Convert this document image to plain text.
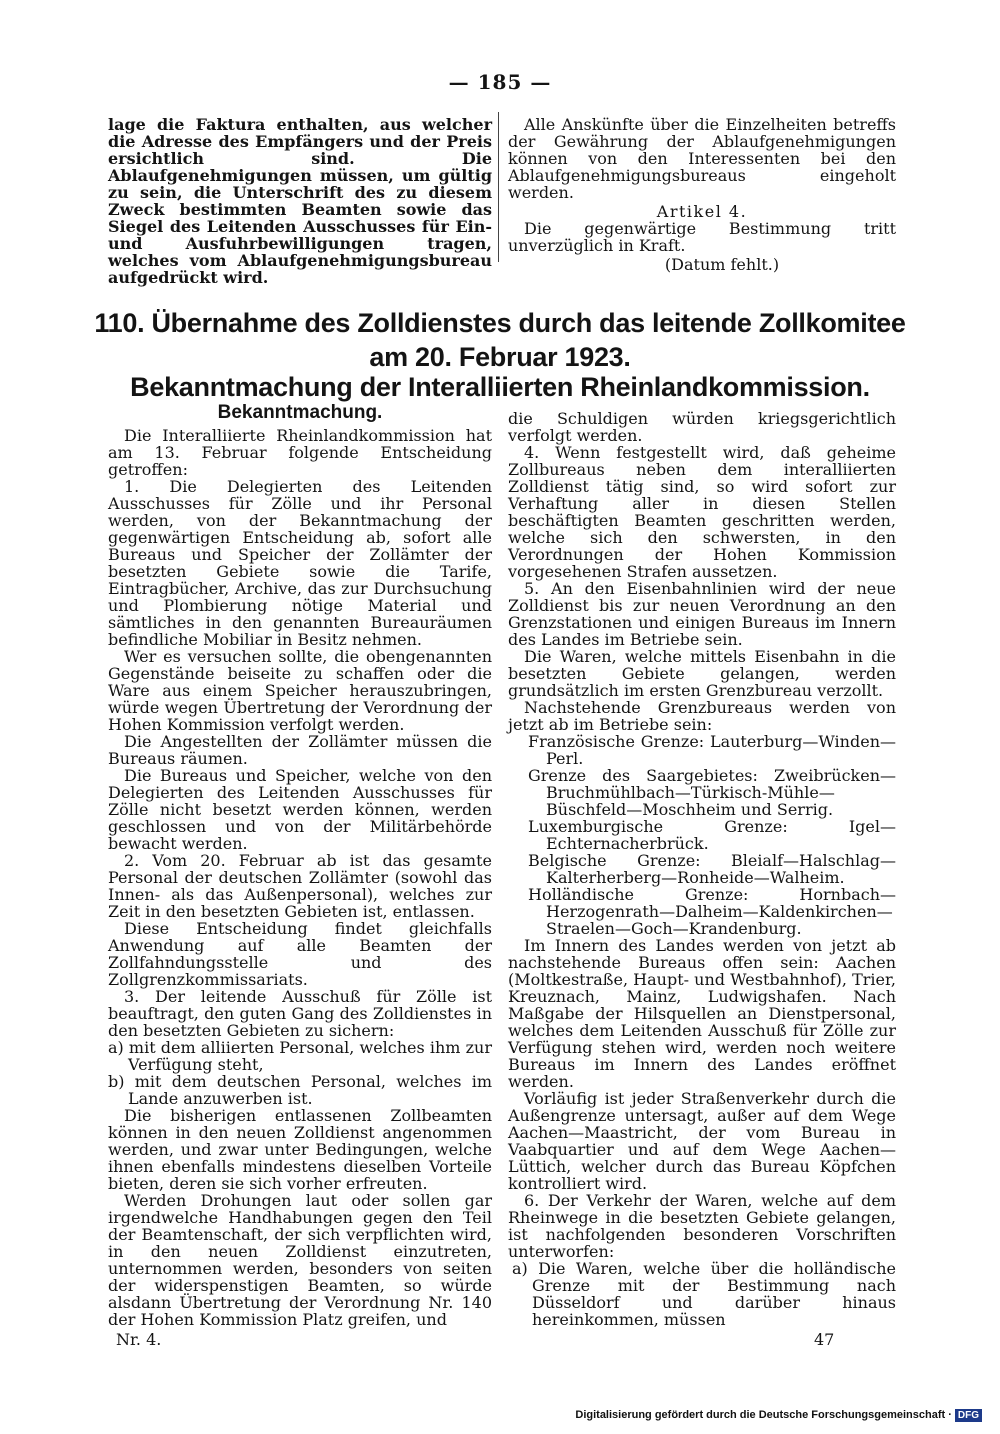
— 185 —
lage die Faktura enthalten, aus welcher die Adresse des Empfängers und der Preis ersichtlich sind. Die Ablaufgenehmigungen müssen, um gültig zu sein, die Unterschrift des zu diesem Zweck bestimmten Beamten sowie das Siegel des Leitenden Ausschusses für Ein- und Ausfuhrbewilligungen tragen, welches vom Ablaufgenehmigungsbureau aufgedrückt wird.

Alle Anskünfte über die Einzelheiten betreffs der Gewährung der Ablaufgenehmigungen können von den Interessenten bei den Ablaufgenehmigungsbureaus eingeholt werden.

Artikel 4.

Die gegenwärtige Bestimmung tritt unverzüglich in Kraft.

(Datum fehlt.)
110. Übernahme des Zolldienstes durch das leitende Zollkomitee
am 20. Februar 1923.
Bekanntmachung der Interalliierten Rheinlandkommission.
Bekanntmachung.

Die Interalliierte Rheinlandkommission hat am 13. Februar folgende Entscheidung getroffen:

1. Die Delegierten des Leitenden Ausschusses für Zölle und ihr Personal werden, von der Bekanntmachung der gegenwärtigen Entscheidung ab, sofort alle Bureaus und Speicher der Zollämter der besetzten Gebiete sowie die Tarife, Eintragbücher, Archive, das zur Durchsuchung und Plombierung nötige Material und sämtliches in den genannten Bureauräumen befindliche Mobiliar in Besitz nehmen.

Wer es versuchen sollte, die obengenannten Gegenstände beiseite zu schaffen oder die Ware aus einem Speicher herauszubringen, würde wegen Übertretung der Verordnung der Hohen Kommission verfolgt werden.

Die Angestellten der Zollämter müssen die Bureaus räumen.

Die Bureaus und Speicher, welche von den Delegierten des Leitenden Ausschusses für Zölle nicht besetzt werden können, werden geschlossen und von der Militärbehörde bewacht werden.

2. Vom 20. Februar ab ist das gesamte Personal der deutschen Zollämter (sowohl das Innen- als das Außenpersonal), welches zur Zeit in den besetzten Gebieten ist, entlassen.

Diese Entscheidung findet gleichfalls Anwendung auf alle Beamten der Zollfahndungsstelle und des Zollgrenzkommissariats.

3. Der leitende Ausschuß für Zölle ist beauftragt, den guten Gang des Zolldienstes in den besetzten Gebieten zu sichern:

a) mit dem alliierten Personal, welches ihm zur Verfügung steht,
b) mit dem deutschen Personal, welches im Lande anzuwerben ist.

Die bisherigen entlassenen Zollbeamten können in den neuen Zolldienst angenommen werden, und zwar unter Bedingungen, welche ihnen ebenfalls mindestens dieselben Vorteile bieten, deren sie sich vorher erfreuten.

Werden Drohungen laut oder sollen gar irgendwelche Handhabungen gegen den Teil der Beamtenschaft, der sich verpflichten wird, in den neuen Zolldienst einzutreten, unternommen werden, besonders von seiten der widerspenstigen Beamten, so würde alsdann Übertretung der Verordnung Nr. 140 der Hohen Kommission Platz greifen, und

die Schuldigen würden kriegsgerichtlich verfolgt werden.

4. Wenn festgestellt wird, daß geheime Zollbureaus neben dem interalliierten Zolldienst tätig sind, so wird sofort zur Verhaftung aller in diesen Stellen beschäftigten Beamten geschritten werden, welche sich den schwersten, in den Verordnungen der Hohen Kommission vorgesehenen Strafen aussetzen.

5. An den Eisenbahnlinien wird der neue Zolldienst bis zur neuen Verordnung an den Grenzstationen und einigen Bureaus im Innern des Landes im Betriebe sein.

Die Waren, welche mittels Eisenbahn in die besetzten Gebiete gelangen, werden grundsätzlich im ersten Grenzbureau verzollt.

Nachstehende Grenzbureaus werden von jetzt ab im Betriebe sein:

Französische Grenze: Lauterburg—Winden—Perl.
Grenze des Saargebietes: Zweibrücken—Bruchmühlbach—Türkisch-Mühle—Büschfeld—Moschheim und Serrig.
Luxemburgische Grenze: Igel—Echternacherbrück.
Belgische Grenze: Bleialf—Halschlag—Kalterherberg—Ronheide—Walheim.
Holländische Grenze: Hornbach—Herzogenrath—Dalheim—Kaldenkirchen—Straelen—Goch—Krandenburg.

Im Innern des Landes werden von jetzt ab nachstehende Bureaus offen sein: Aachen (Moltkestraße, Haupt- und Westbahnhof), Trier, Kreuznach, Mainz, Ludwigshafen. Nach Maßgabe der Hilsquellen an Dienstpersonal, welches dem Leitenden Ausschuß für Zölle zur Verfügung stehen wird, werden noch weitere Bureaus im Innern des Landes eröffnet werden.

Vorläufig ist jeder Straßenverkehr durch die Außengrenze untersagt, außer auf dem Wege Aachen—Maastricht, der vom Bureau in Vaabquartier und auf dem Wege Aachen—Lüttich, welcher durch das Bureau Köpfchen kontrolliert wird.

6. Der Verkehr der Waren, welche auf dem Rheinwege in die besetzten Gebiete gelangen, ist nachfolgenden besonderen Vorschriften unterworfen:

a) Die Waren, welche über die holländische Grenze mit der Bestimmung nach Düsseldorf und darüber hinaus hereinkommen, müssen
Nr. 4.	47
Digitalisierung gefördert durch die Deutsche Forschungsgemeinschaft · DFG
